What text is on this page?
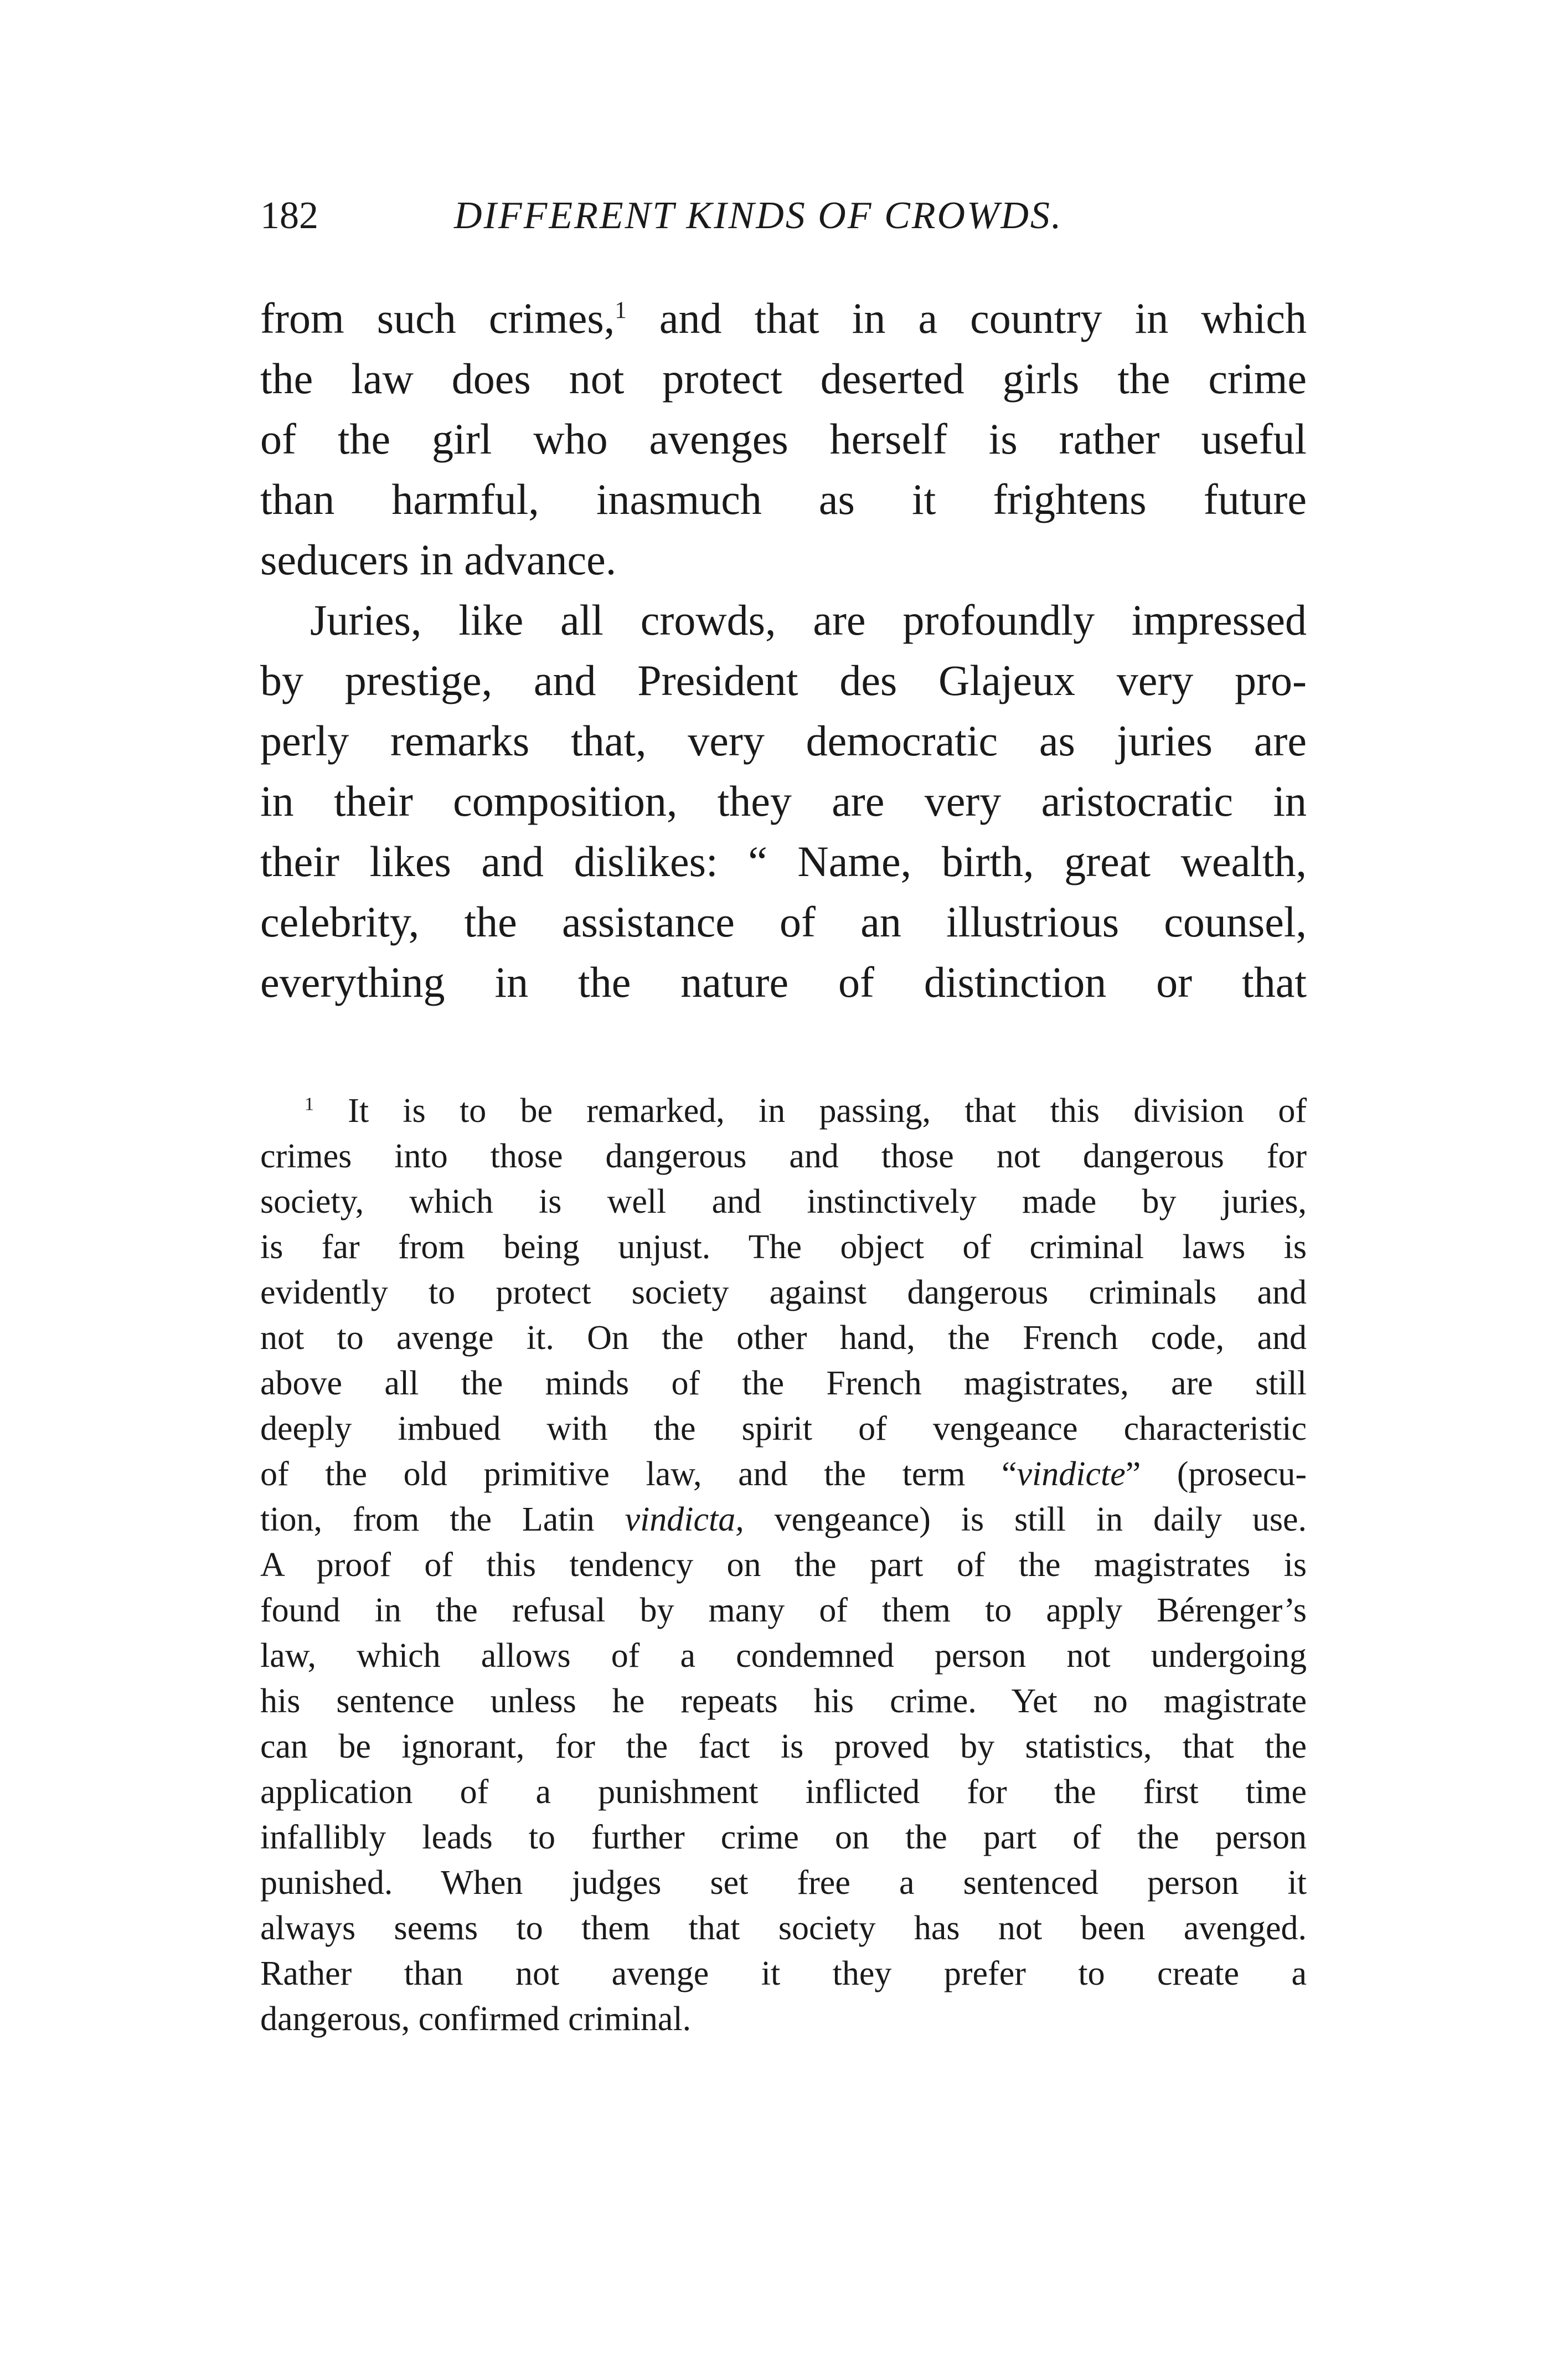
182	DIFFERENT KINDS OF CROWDS.
from such crimes,$^1$ and that in a country in which
the law does not protect deserted girls the crime
of the girl who avenges herself is rather useful
than harmful, inasmuch as it frightens future
seducers in advance.
Juries, like all crowds, are profoundly impressed
by prestige, and President des Glajeux very pro-
perly remarks that, very democratic as juries are
in their composition, they are very aristocratic in
their likes and dislikes: “ Name, birth, great wealth,
celebrity, the assistance of an illustrious counsel,
everything in the nature of distinction or that
$^1$ It is to be remarked, in passing, that this division of
crimes into those dangerous and those not dangerous for
society, which is well and instinctively made by juries,
is far from being unjust. The object of criminal laws is
evidently to protect society against dangerous criminals and
not to avenge it. On the other hand, the French code, and
above all the minds of the French magistrates, are still
deeply imbued with the spirit of vengeance characteristic
of the old primitive law, and the term “vindicte” (prosecu-
tion, from the Latin vindicta, vengeance) is still in daily use.
A proof of this tendency on the part of the magistrates is
found in the refusal by many of them to apply Bérenger’s
law, which allows of a condemned person not undergoing
his sentence unless he repeats his crime. Yet no magistrate
can be ignorant, for the fact is proved by statistics, that the
application of a punishment inflicted for the first time
infallibly leads to further crime on the part of the person
punished. When judges set free a sentenced person it
always seems to them that society has not been avenged.
Rather than not avenge it they prefer to create a
dangerous, confirmed criminal.
